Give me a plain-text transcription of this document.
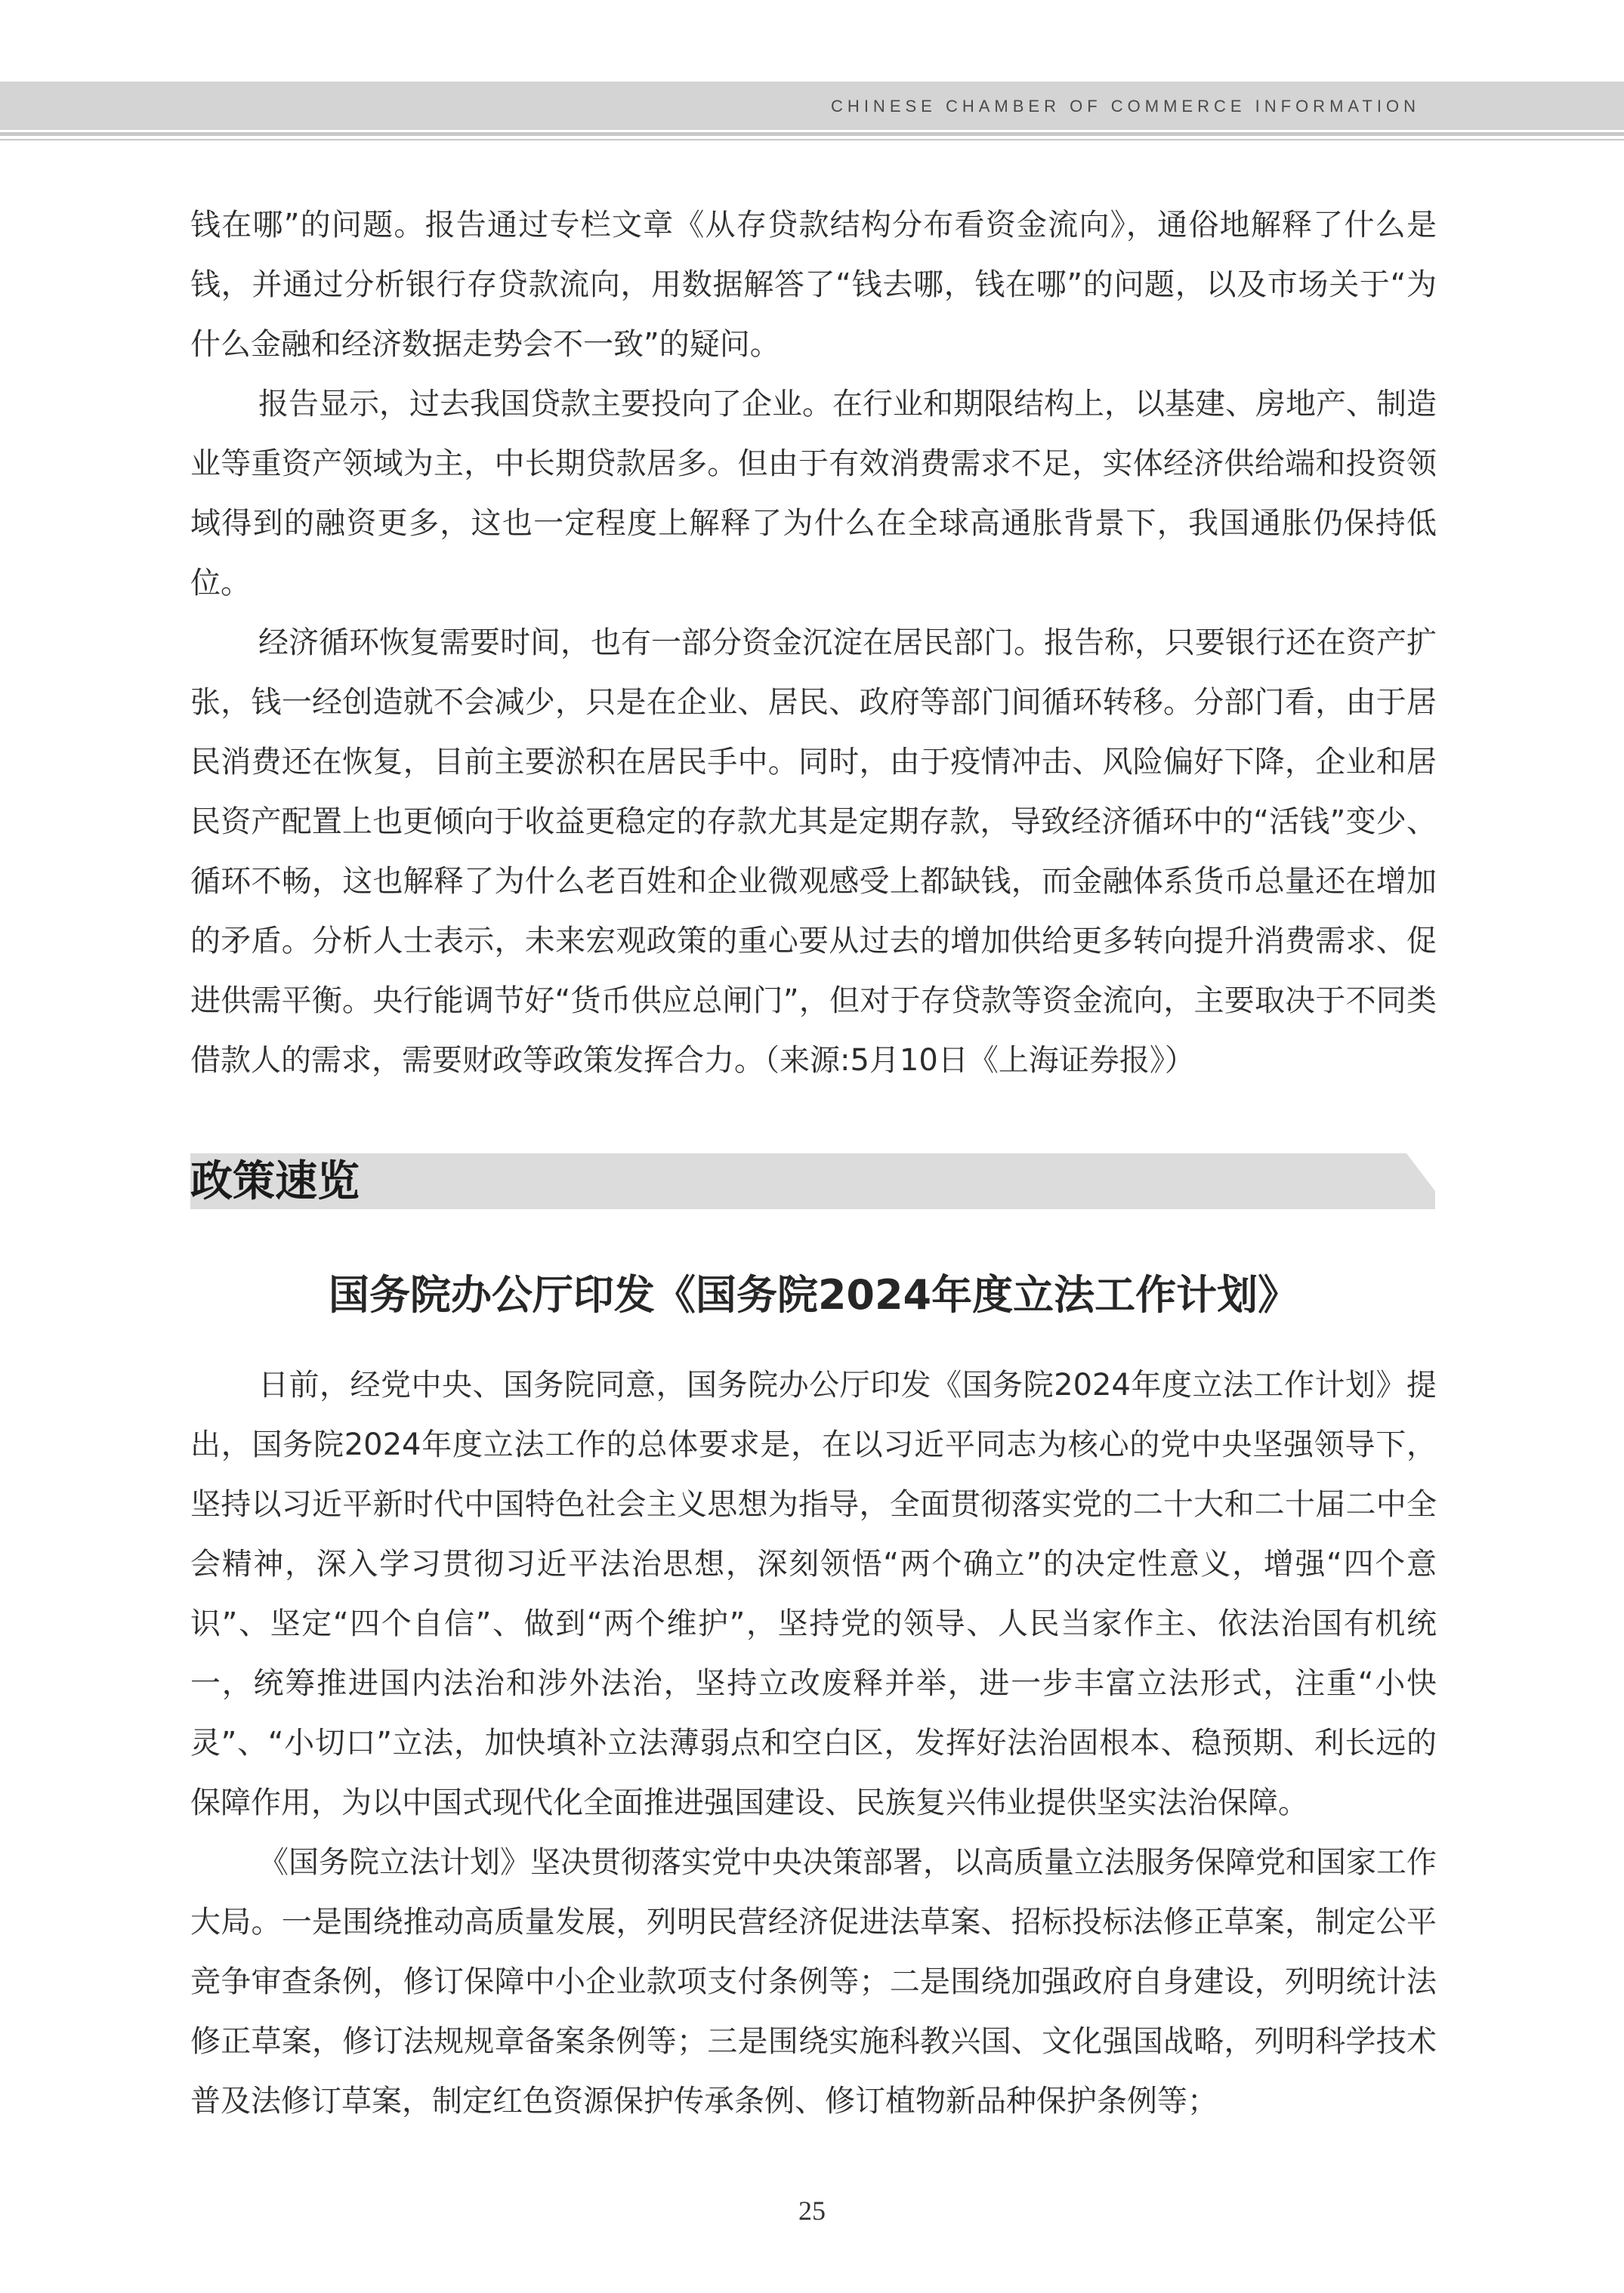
CHINESE CHAMBER OF COMMERCE INFORMATION

钱在哪”的问题。报告通过专栏文章《从存贷款结构分布看资金流向》，通俗地解释了什么是钱，并通过分析银行存贷款流向，用数据解答了“钱去哪，钱在哪”的问题，以及市场关于“为什么金融和经济数据走势会不一致”的疑问。

报告显示，过去我国贷款主要投向了企业。在行业和期限结构上，以基建、房地产、制造业等重资产领域为主，中长期贷款居多。但由于有效消费需求不足，实体经济供给端和投资领域得到的融资更多，这也一定程度上解释了为什么在全球高通胀背景下，我国通胀仍保持低位。

经济循环恢复需要时间，也有一部分资金沉淀在居民部门。报告称，只要银行还在资产扩张，钱一经创造就不会减少，只是在企业、居民、政府等部门间循环转移。分部门看，由于居民消费还在恢复，目前主要淤积在居民手中。同时，由于疫情冲击、风险偏好下降，企业和居民资产配置上也更倾向于收益更稳定的存款尤其是定期存款，导致经济循环中的“活钱”变少、循环不畅，这也解释了为什么老百姓和企业微观感受上都缺钱，而金融体系货币总量还在增加的矛盾。分析人士表示，未来宏观政策的重心要从过去的增加供给更多转向提升消费需求、促进供需平衡。央行能调节好“货币供应总闸门”，但对于存贷款等资金流向，主要取决于不同类借款人的需求，需要财政等政策发挥合力。（来源:5月10日《上海证券报》）

政策速览
国务院办公厅印发《国务院2024年度立法工作计划》

日前，经党中央、国务院同意，国务院办公厅印发《国务院2024年度立法工作计划》提出，国务院2024年度立法工作的总体要求是，在以习近平同志为核心的党中央坚强领导下，坚持以习近平新时代中国特色社会主义思想为指导，全面贯彻落实党的二十大和二十届二中全会精神，深入学习贯彻习近平法治思想，深刻领悟“两个确立”的决定性意义，增强“四个意识”、坚定“四个自信”、做到“两个维护”，坚持党的领导、人民当家作主、依法治国有机统一，统筹推进国内法治和涉外法治，坚持立改废释并举，进一步丰富立法形式，注重“小快灵”、“小切口”立法，加快填补立法薄弱点和空白区，发挥好法治固根本、稳预期、利长远的保障作用，为以中国式现代化全面推进强国建设、民族复兴伟业提供坚实法治保障。

《国务院立法计划》坚决贯彻落实党中央决策部署，以高质量立法服务保障党和国家工作大局。一是围绕推动高质量发展，列明民营经济促进法草案、招标投标法修正草案，制定公平竞争审查条例，修订保障中小企业款项支付条例等；二是围绕加强政府自身建设，列明统计法修正草案，修订法规规章备案条例等；三是围绕实施科教兴国、文化强国战略，列明科学技术普及法修订草案，制定红色资源保护传承条例、修订植物新品种保护条例等；

25
